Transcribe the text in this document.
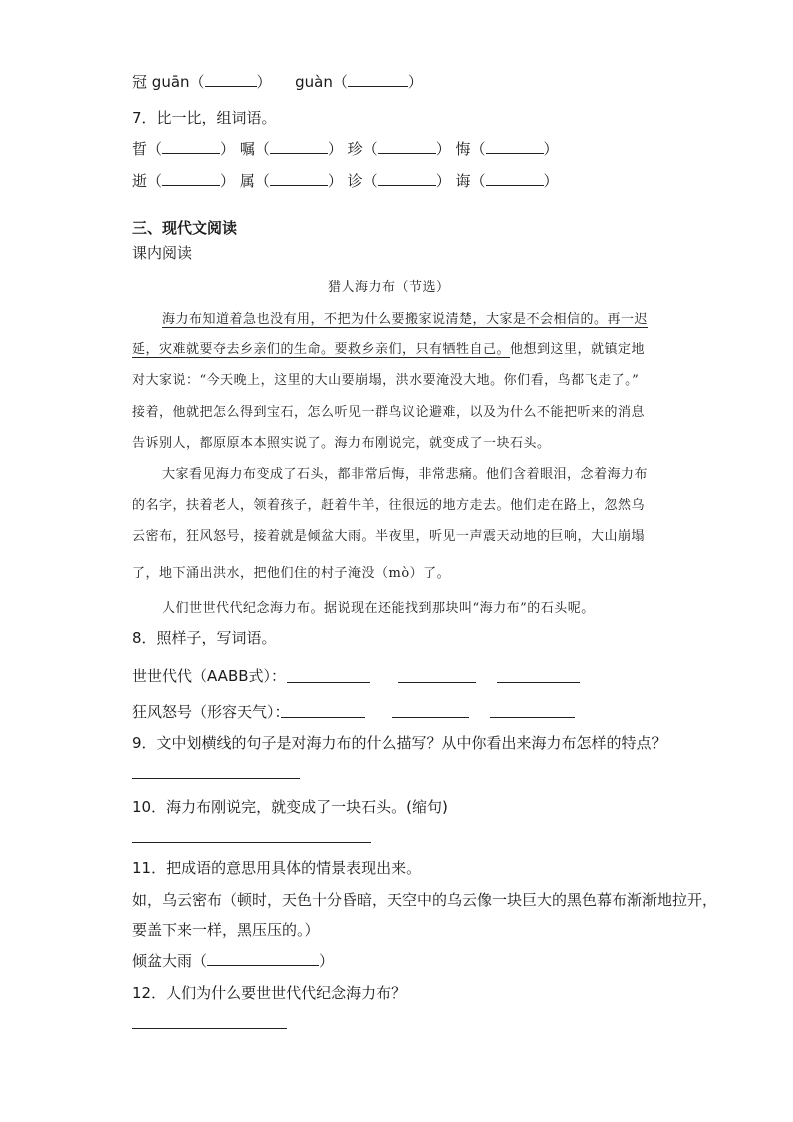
冠 guān（	） guàn（	）
7．比一比，组词语。
晢（	） 嘱（	） 珍（	） 悔（	）
逝（	） 属（	） 诊（	） 诲（	）
三、现代文阅读
课内阅读
猎人海力布（节选）
海力布知道着急也没有用，不把为什么要搬家说清楚，大家是不会相信的。再一迟
延，灾难就要夺去乡亲们的生命。要救乡亲们，只有牺牲自己。他想到这里，就镇定地
对大家说：“今天晚上，这里的大山要崩塌，洪水要淹没大地。你们看，鸟都飞走了。”
接着，他就把怎么得到宝石，怎么听见一群鸟议论避难，以及为什么不能把听来的消息
告诉别人，都原原本本照实说了。海力布刚说完，就变成了一块石头。
大家看见海力布变成了石头，都非常后悔，非常悲痛。他们含着眼泪，念着海力布
的名字，扶着老人，领着孩子，赶着牛羊，往很远的地方走去。他们走在路上，忽然乌
云密布，狂风怒号，接着就是倾盆大雨。半夜里，听见一声震天动地的巨响，大山崩塌
了，地下涌出洪水，把他们住的村子淹没（mò）了。
人们世世代代纪念海力布。据说现在还能找到那块叫“海力布”的石头呢。
8．照样子，写词语。
世世代代（AABB式）：
狂风怒号（形容天气）：
9．文中划横线的句子是对海力布的什么描写？从中你看出来海力布怎样的特点？
10．海力布刚说完，就变成了一块石头。(缩句)
11．把成语的意思用具体的情景表现出来。
如，乌云密布（顿时，天色十分昏暗，天空中的乌云像一块巨大的黑色幕布渐渐地拉开，
要盖下来一样，黑压压的。）
倾盆大雨（	）
12．人们为什么要世世代代纪念海力布？
